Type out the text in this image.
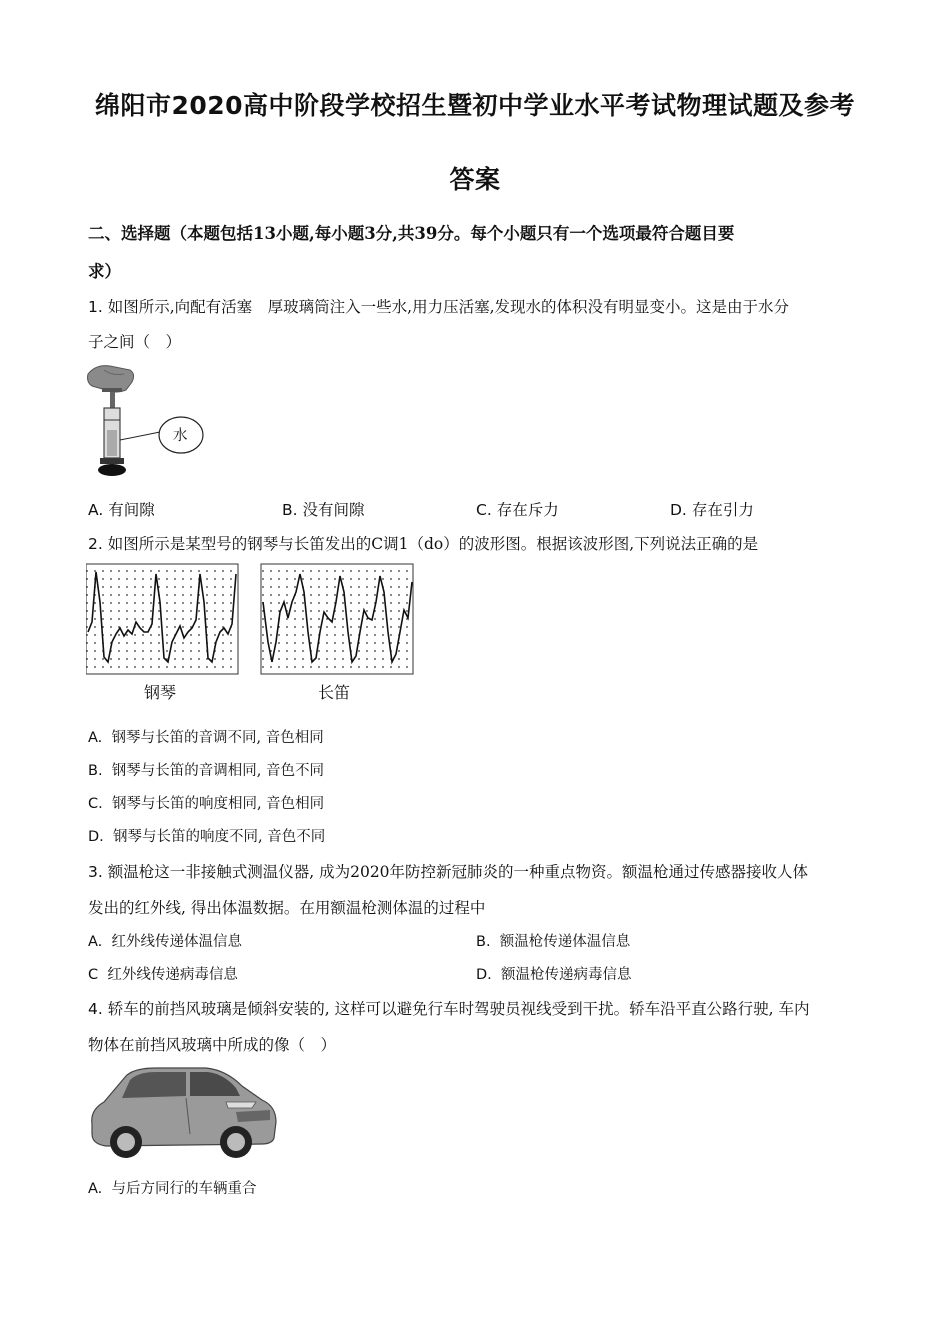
绵阳市2020高中阶段学校招生暨初中学业水平考试物理试题及参考
答案
二、选择题（本题包括13小题,每小题3分,共39分。每个小题只有一个选项最符合题目要
求）
1. 如图所示,向配有活塞　厚玻璃筒注入一些水,用力压活塞,发现水的体积没有明显变小。这是由于水分
子之间（　）
水
A. 有间隙	B. 没有间隙	C. 存在斥力	D. 存在引力
2. 如图所示是某型号的钢琴与长笛发出的C调1（do）的波形图。根据该波形图,下列说法正确的是
钢琴	长笛
A. 钢琴与长笛的音调不同, 音色相同
B. 钢琴与长笛的音调相同, 音色不同
C. 钢琴与长笛的响度相同, 音色相同
D. 钢琴与长笛的响度不同, 音色不同
3. 额温枪这一非接触式测温仪器, 成为2020年防控新冠肺炎的一种重点物资。额温枪通过传感器接收人体
发出的红外线, 得出体温数据。在用额温枪测体温的过程中
A. 红外线传递体温信息	B. 额温枪传递体温信息
C 红外线传递病毒信息	D. 额温枪传递病毒信息
4. 轿车的前挡风玻璃是倾斜安装的, 这样可以避免行车时驾驶员视线受到干扰。轿车沿平直公路行驶, 车内
物体在前挡风玻璃中所成的像（　）
A. 与后方同行的车辆重合
